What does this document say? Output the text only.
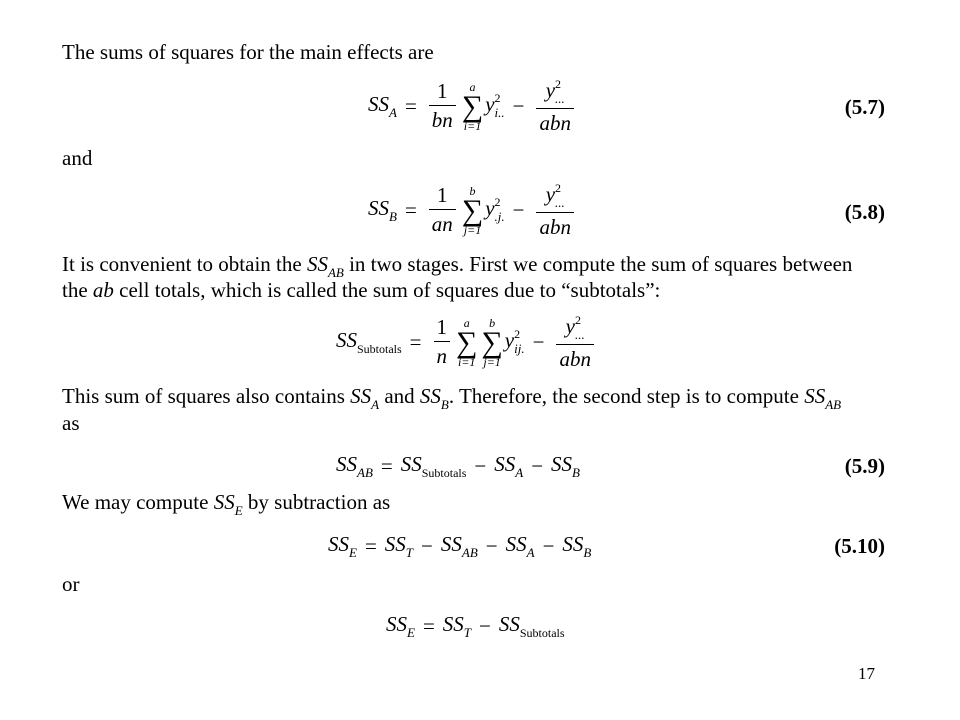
The sums of squares for the main effects are
$SS_A = \frac{1}{bn}$ a
∑
i=1
$y^2_{i..} - \frac{y^2_{...}}{\text{abn}}$	(5.7)
and
$SS_B = \frac{1}{an}$ b
∑
j=1
$y^2_{.j.} - \frac{y^2_{...}}{\text{abn}}$	(5.8)
It is convenient to obtain the $SS_{AB}$ in two stages. First we compute the sum of squares between
the ab cell totals, which is called the sum of squares due to “subtotals”:
$SS_{Subtotals} = \frac{1}{n}$ a
∑
i=1
b
∑
j=1
$y^2_{ij.} - \frac{y^2_{...}}{\text{abn}}$
This sum of squares also contains $SS_A$ and $SS_B$. Therefore, the second step is to compute $SS_{AB}$
as
$SS_{AB} = SS_{Subtotals} - SS_A - SS_B$	(5.9)
We may compute $SS_E$ by subtraction as
$SS_E = SS_T - SS_{AB} - SS_A - SS_B$	(5.10)
or
$SS_E = SS_T - SS_{Subtotals}$
17
